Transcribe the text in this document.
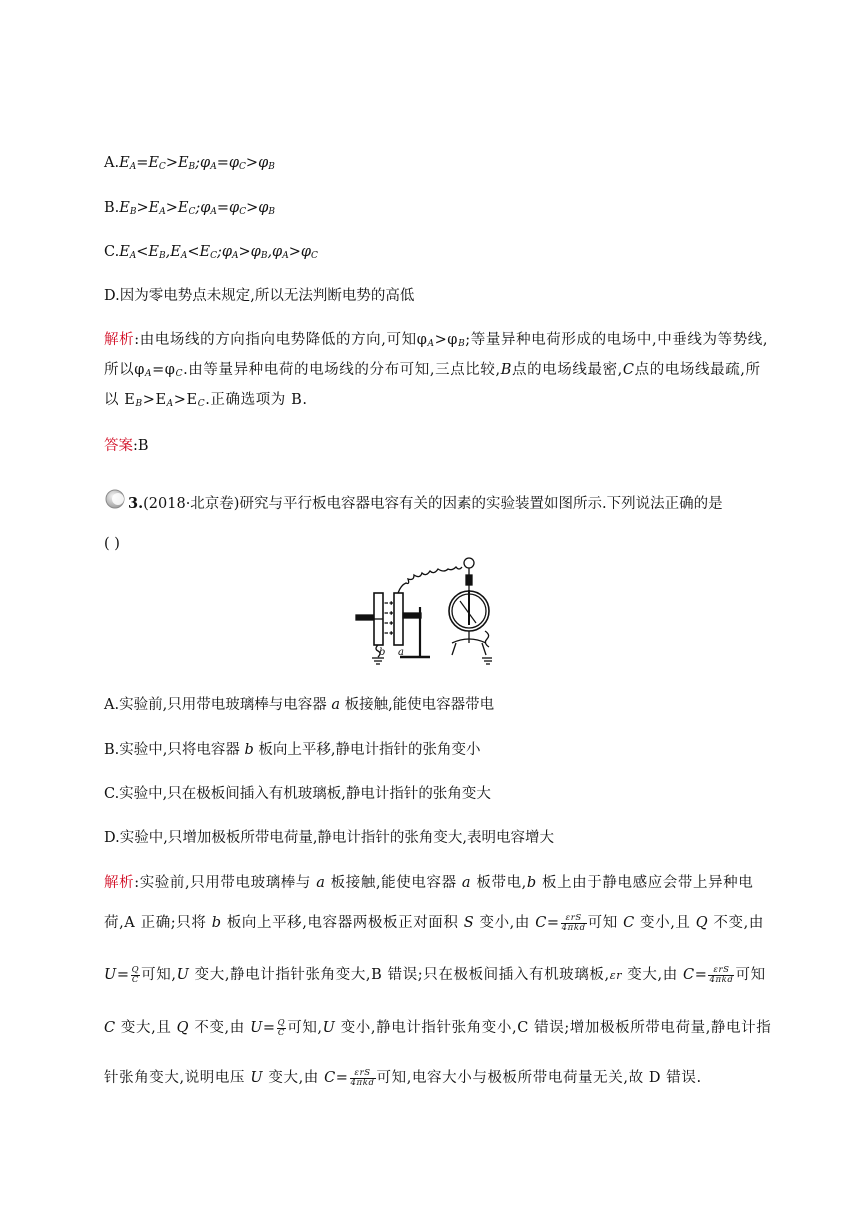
$A.E_A=E_C>E_B;\varphi_A=\varphi_C>\varphi_B$
$B.E_B>E_A>E_C;\varphi_A=\varphi_C>\varphi_B$
$C.E_A<E_B,E_A<E_C;\varphi_A>\varphi_B,\varphi_A>\varphi_C$
D.因为零电势点未规定,所以无法判断电势的高低
解析:由电场线的方向指向电势降低的方向,可知$\varphi_A>\varphi_B$;等量异种电荷形成的电场中,中垂线为等势线,
所以$\varphi_A=\varphi_C$.由等量异种电荷的电场线的分布可知,三点比较,B点的电场线最密,C点的电场线最疏,所
以 $E_B>E_A>E_C$.正确选项为 B.
答案:B
3.(2018·北京卷)研究与平行板电容器电容有关的因素的实验装置如图所示.下列说法正确的是
( )
b a
A.实验前,只用带电玻璃棒与电容器 a 板接触,能使电容器带电
B.实验中,只将电容器 b 板向上平移,静电计指针的张角变小
C.实验中,只在极板间插入有机玻璃板,静电计指针的张角变大
D.实验中,只增加极板所带电荷量,静电计指针的张角变大,表明电容增大
解析:实验前,只用带电玻璃棒与 a 板接触,能使电容器 a 板带电,b 板上由于静电感应会带上异种电
荷,A 正确;只将 b 板向上平移,电容器两极板正对面积 S 变小,由 $C= \frac{\text{εrS}}{\text{4πkd}}$ 可知 C 变小,且 Q 不变,由
$U= \frac{Q}{C}$ 可知,U 变大,静电计指针张角变大,B 错误;只在极板间插入有机玻璃板,εr 变大,由 $C= \frac{\text{εrS}}{\text{4πkd}}$ 可知
C 变大,且 Q 不变,由 $U= \frac{Q}{C}$ 可知,U 变小,静电计指针张角变小,C 错误;增加极板所带电荷量,静电计指
针张角变大,说明电压 U 变大,由 $C= \frac{\text{εrS}}{\text{4πkd}}$ 可知,电容大小与极板所带电荷量无关,故 D 错误.
